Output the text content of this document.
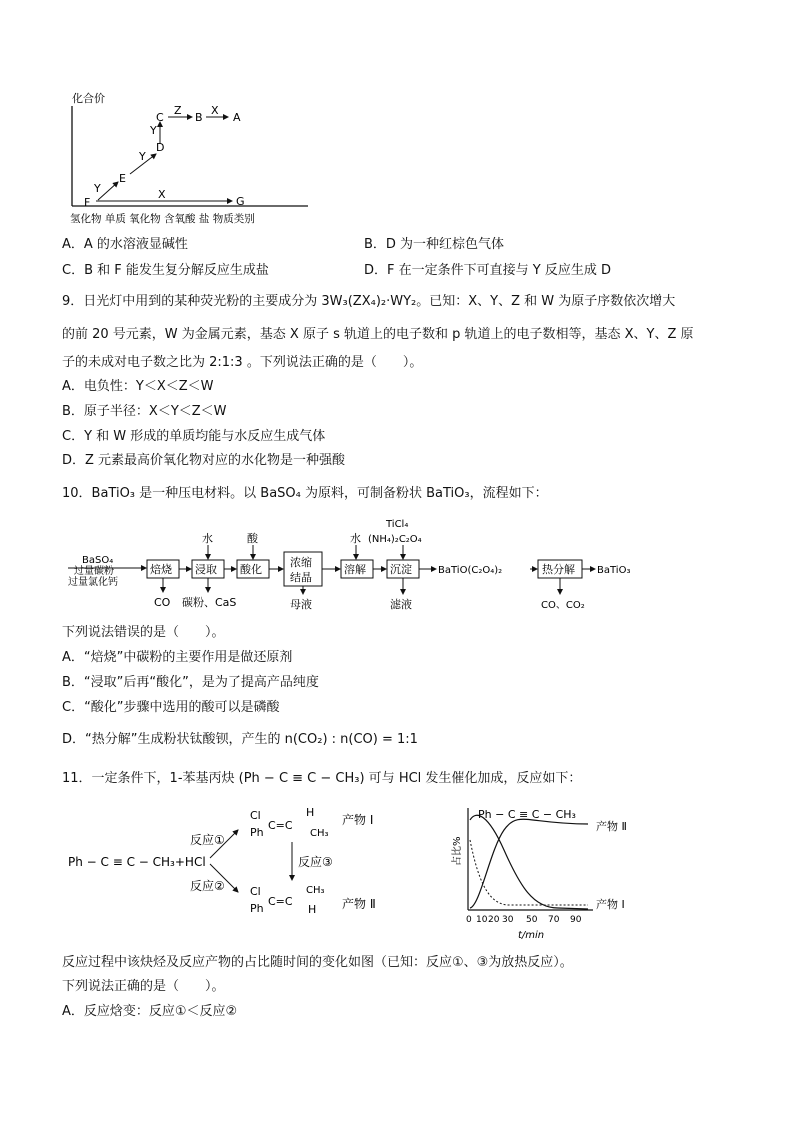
化合价
F
E
D
C	B	A
G
Y
Y
Y
Z	X
X
氢化物 单质 氧化物 含氧酸 盐 物质类别
A．A 的水溶液显碱性	B．D 为一种红棕色气体
C．B 和 F 能发生复分解反应生成盐	D．F 在一定条件下可直接与 Y 反应生成 D
9．日光灯中用到的某种荧光粉的主要成分为 3W₃(ZX₄)₂·WY₂。已知：X、Y、Z 和 W 为原子序数依次增大
的前 20 号元素，W 为金属元素，基态 X 原子 s 轨道上的电子数和 p 轨道上的电子数相等，基态 X、Y、Z 原
子的未成对电子数之比为 2:1:3 。下列说法正确的是（　　）。
A．电负性：Y＜X＜Z＜W
B．原子半径：X＜Y＜Z＜W
C．Y 和 W 形成的单质均能与水反应生成气体
D．Z 元素最高价氧化物对应的水化物是一种强酸
10．BaTiO₃ 是一种压电材料。以 BaSO₄ 为原料，可制备粉状 BaTiO₃，流程如下：
BaSO₄
过量碳粉
过量氯化钙
焙烧 浸取 酸化
浓缩
结晶
溶解 沉淀	BaTiO(C₂O₄)₂	热分解 BaTiO₃
水	酸	水
TiCl₄
(NH₄)₂C₂O₄
CO 碳粉、CaS	母液	滤液	CO、CO₂
下列说法错误的是（　　）。
A．“焙烧”中碳粉的主要作用是做还原剂
B．“浸取”后再“酸化”，是为了提高产品纯度
C．“酸化”步骤中选用的酸可以是磷酸
D．“热分解”生成粉状钛酸钡，产生的 n(CO₂) : n(CO) = 1:1
11．一定条件下，1-苯基丙炔 (Ph − C ≡ C − CH₃) 可与 HCl 发生催化加成，反应如下：
Ph − C ≡ C − CH₃+HCl
反应①
反应②
Cl
Ph
C=C
H
CH₃
产物 Ⅰ
反应③
Cl
Ph
C=C
CH₃
H 产物 Ⅱ
占比%
Ph − C ≡ C − CH₃
产物 Ⅱ
产物 Ⅰ
0 10 20 30 50 70 90
t/min
反应过程中该炔烃及反应产物的占比随时间的变化如图（已知：反应①、③为放热反应）。
下列说法正确的是（　　）。
A．反应焓变：反应①＜反应②
